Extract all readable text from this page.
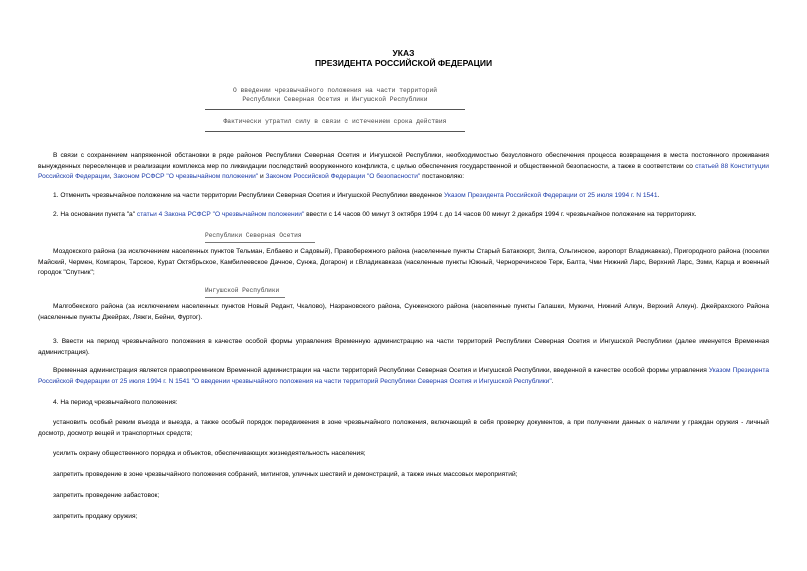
УКАЗ
ПРЕЗИДЕНТА РОССИЙСКОЙ ФЕДЕРАЦИИ
О введении чрезвычайного положения на части территорий
Республики Северная Осетия и Ингушской Республики
Фактически утратил силу в связи с истечением срока действия
В связи с сохранением напряженной обстановки в ряде районов Республики Северная Осетия и Ингушской Республики, необходимостью безусловного обеспечения процесса возвращения в места постоянного проживания вынужденных переселенцев и реализации комплекса мер по ликвидации последствий вооруженного конфликта, с целью обеспечения государственной и общественной безопасности, а также в соответствии со статьей 88 Конституции Российской Федерации, Законом РСФСР "О чрезвычайном положении" и Законом Российской Федерации "О безопасности" постановляю:
1. Отменить чрезвычайное положение на части территории Республики Северная Осетия и Ингушской Республики введенное Указом Президента Российской Федерации от 25 июля 1994 г. N 1541.
2. На основании пункта "а" статьи 4 Закона РСФСР "О чрезвычайном положении" ввести с 14 часов 00 минут 3 октября 1994 г. до 14 часов 00 минут 2 декабря 1994 г. чрезвычайное положение на территориях.
Республики Северная Осетия
Моздокского района (за исключением населенных пунктов Тельман, Елбаево и Садовый), Правобережного района (населенные пункты Старый Батакоюрт, Зилга, Ольгинское, аэропорт Владикавказ), Пригородного района (поселки Майский, Чермен, Комгарон, Тарское, Курат Октябрьское, Камбилеевское Дачное, Сунжа, Догарон) и г.Владикавказа (населенные пункты Южный, Черноречинское Терк, Балта, Чми Нижний Ларс, Верхний Ларс, Эзми, Карца и военный городок "Спутник";
Ингушской Республики
Малгобекского района (за исключением населенных пунктов Новый Редант, Чкалово), Назрановского района, Сунженского района (населенные пункты Галашки, Мужичи, Нижний Алкун, Верхний Алкун). Джейрахского Района (населенные пункты Джейрах, Ляжги, Бейни, Фуртог).
3. Ввести на период чрезвычайного положения в качестве особой формы управления Временную администрацию на части территорий Республики Северная Осетия и Ингушской Республики (далее именуется Временная администрация).
Временная администрация является правопреемником Временной администрации на части территорий Республики Северная Осетия и Ингушской Республики, введенной в качестве особой формы управления Указом Президента Российской Федерации от 25 июля 1994 г. N 1541 "О введении чрезвычайного положения на части территорий Республики Северная Осетия и Ингушской Республики".
4. На период чрезвычайного положения:
установить особый режим въезда и выезда, а также особый порядок передвижения в зоне чрезвычайного положения, включающий в себя проверку документов, а при получении данных о наличии у граждан оружия - личный досмотр, досмотр вещей и транспортных средств;
усилить охрану общественного порядка и объектов, обеспечивающих жизнедеятельность населения;
запретить проведение в зоне чрезвычайного положения собраний, митингов, уличных шествий и демонстраций, а также иных массовых мероприятий;
запретить проведение забастовок;
запретить продажу оружия;
